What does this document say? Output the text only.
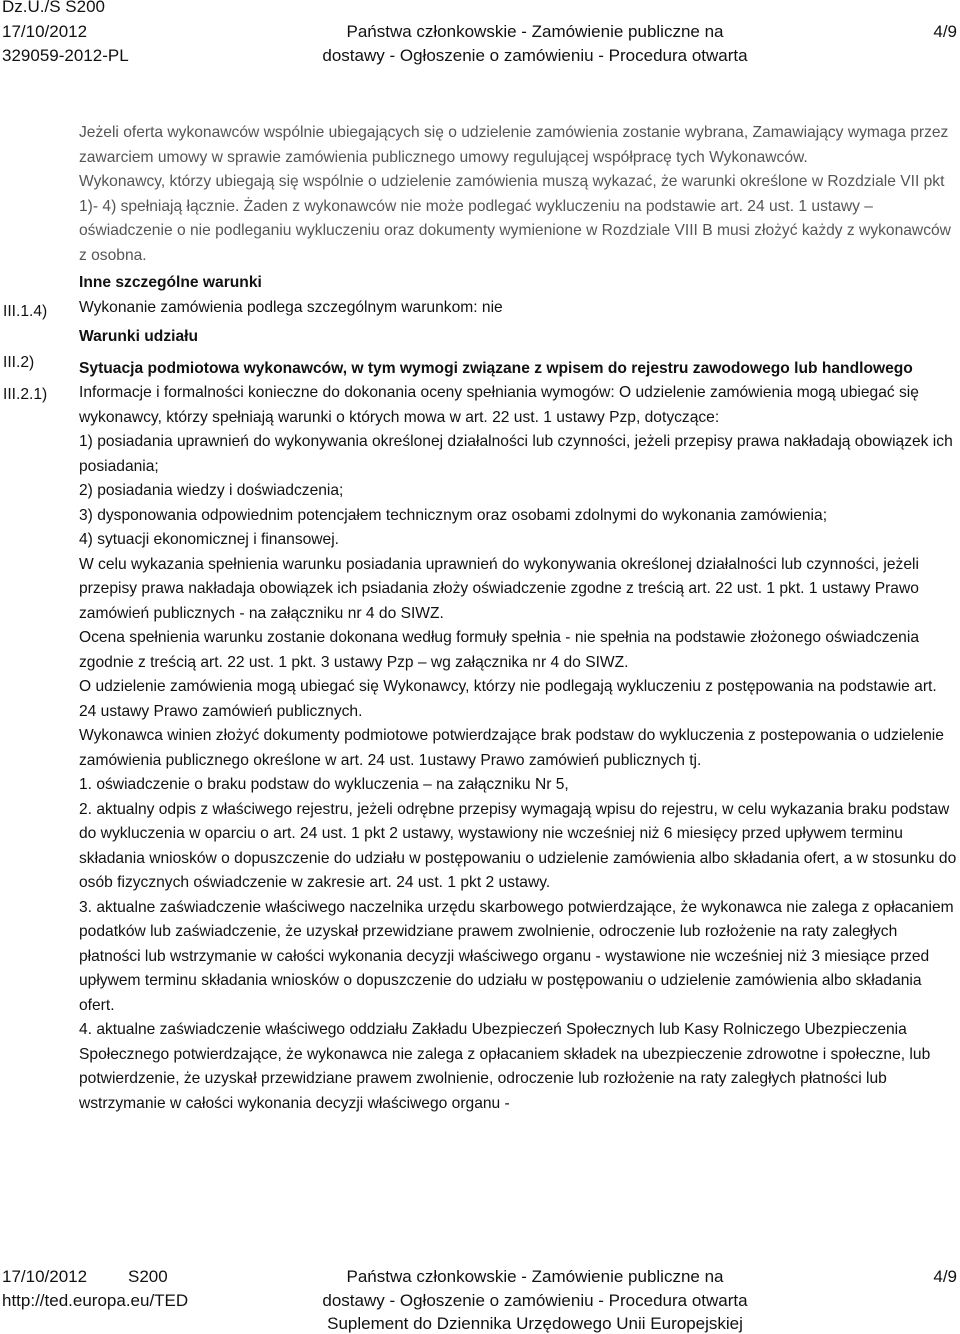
Dz.U./S S200
17/10/2012
329059-2012-PL
Państwa członkowskie - Zamówienie publiczne na
dostawy - Ogłoszenie o zamówieniu - Procedura otwarta
4/9
III.1.4)
III.2)
III.2.1)

Jeżeli oferta wykonawców wspólnie ubiegających się o udzielenie zamówienia zostanie wybrana, Zamawiający wymaga przez zawarciem umowy w sprawie zamówienia publicznego umowy regulującej współpracę tych Wykonawców.

Wykonawcy, którzy ubiegają się wspólnie o udzielenie zamówienia muszą wykazać, że warunki określone w Rozdziale VII pkt 1)- 4) spełniają łącznie. Żaden z wykonawców nie może podlegać wykluczeniu na podstawie art. 24 ust. 1 ustawy – oświadczenie o nie podleganiu wykluczeniu oraz dokumenty wymienione w Rozdziale VIII B musi złożyć każdy z wykonawców z osobna.

Inne szczególne warunki

Wykonanie zamówienia podlega szczególnym warunkom: nie

Warunki udziału

Sytuacja podmiotowa wykonawców, w tym wymogi związane z wpisem do rejestru zawodowego lub handlowego

Informacje i formalności konieczne do dokonania oceny spełniania wymogów: O udzielenie zamówienia mogą ubiegać się wykonawcy, którzy spełniają warunki o których mowa w art. 22 ust. 1 ustawy Pzp, dotyczące:

1) posiadania uprawnień do wykonywania określonej działalności lub czynności, jeżeli przepisy prawa nakładają obowiązek ich posiadania;

2) posiadania wiedzy i doświadczenia;

3) dysponowania odpowiednim potencjałem technicznym oraz osobami zdolnymi do wykonania zamówienia;

4) sytuacji ekonomicznej i finansowej.

W celu wykazania spełnienia warunku posiadania uprawnień do wykonywania określonej działalności lub czynności, jeżeli przepisy prawa nakładaja obowiązek ich psiadania złoży oświadczenie zgodne z treścią art. 22 ust. 1 pkt. 1 ustawy Prawo zamówień publicznych - na załączniku nr 4 do SIWZ.

Ocena spełnienia warunku zostanie dokonana według formuły spełnia - nie spełnia na podstawie złożonego oświadczenia zgodnie z treścią art. 22 ust. 1 pkt. 3 ustawy Pzp – wg załącznika nr 4 do SIWZ.

O udzielenie zamówienia mogą ubiegać się Wykonawcy, którzy nie podlegają wykluczeniu z postępowania na podstawie art. 24 ustawy Prawo zamówień publicznych.

Wykonawca winien złożyć dokumenty podmiotowe potwierdzające brak podstaw do wykluczenia z postepowania o udzielenie zamówienia publicznego określone w art. 24 ust. 1ustawy Prawo zamówień publicznych tj.

1. oświadczenie o braku podstaw do wykluczenia – na załączniku Nr 5,

2. aktualny odpis z właściwego rejestru, jeżeli odrębne przepisy wymagają wpisu do rejestru, w celu wykazania braku podstaw do wykluczenia w oparciu o art. 24 ust. 1 pkt 2 ustawy, wystawiony nie wcześniej niż 6 miesięcy przed upływem terminu składania wniosków o dopuszczenie do udziału w postępowaniu o udzielenie zamówienia albo składania ofert, a w stosunku do osób fizycznych oświadczenie w zakresie art. 24 ust. 1 pkt 2 ustawy.

3. aktualne zaświadczenie właściwego naczelnika urzędu skarbowego potwierdzające, że wykonawca nie zalega z opłacaniem podatków lub zaświadczenie, że uzyskał przewidziane prawem zwolnienie, odroczenie lub rozłożenie na raty zaległych płatności lub wstrzymanie w całości wykonania decyzji właściwego organu - wystawione nie wcześniej niż 3 miesiące przed upływem terminu składania wniosków o dopuszczenie do udziału w postępowaniu o udzielenie zamówienia albo składania ofert.

4. aktualne zaświadczenie właściwego oddziału Zakładu Ubezpieczeń Społecznych lub Kasy Rolniczego Ubezpieczenia Społecznego potwierdzające, że wykonawca nie zalega z opłacaniem składek na ubezpieczenie zdrowotne i społeczne, lub potwierdzenie, że uzyskał przewidziane prawem zwolnienie, odroczenie lub rozłożenie na raty zaległych płatności lub wstrzymanie w całości wykonania decyzji właściwego organu -

17/10/2012 S200
http://ted.europa.eu/TED
Państwa członkowskie - Zamówienie publiczne na
dostawy - Ogłoszenie o zamówieniu - Procedura otwarta
Suplement do Dziennika Urzędowego Unii Europejskiej
4/9
